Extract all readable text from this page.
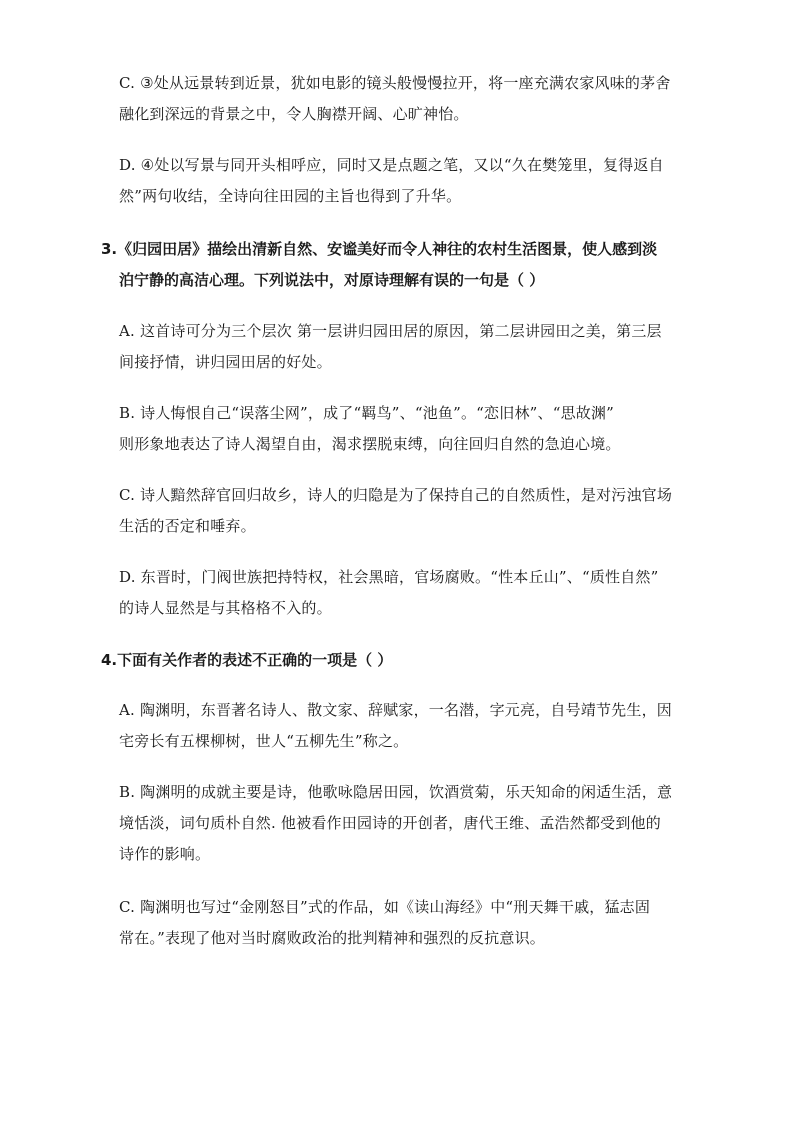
C. ③处从远景转到近景，犹如电影的镜头般慢慢拉开，将一座充满农家风味的茅舍
融化到深远的背景之中，令人胸襟开阔、心旷神怡。
D. ④处以写景与同开头相呼应，同时又是点题之笔，又以“久在樊笼里，复得返自
然”两句收结，全诗向往田园的主旨也得到了升华。
3.《归园田居》描绘出清新自然、安谧美好而令人神往的农村生活图景，使人感到淡
泊宁静的高洁心理。下列说法中，对原诗理解有误的一句是（ ）
A. 这首诗可分为三个层次 第一层讲归园田居的原因，第二层讲园田之美，第三层
间接抒情，讲归园田居的好处。
B. 诗人悔恨自己“误落尘网”，成了“羁鸟”、“池鱼”。“恋旧林”、“思故渊”
则形象地表达了诗人渴望自由，渴求摆脱束缚，向往回归自然的急迫心境。
C. 诗人黯然辞官回归故乡，诗人的归隐是为了保持自己的自然质性，是对污浊官场
生活的否定和唾弃。
D. 东晋时，门阀世族把持特权，社会黑暗，官场腐败。“性本丘山”、“质性自然”
的诗人显然是与其格格不入的。
4.下面有关作者的表述不正确的一项是（ ）
A. 陶渊明，东晋著名诗人、散文家、辞赋家，一名潜，字元亮，自号靖节先生，因
宅旁长有五棵柳树，世人“五柳先生”称之。
B. 陶渊明的成就主要是诗，他歌咏隐居田园，饮酒赏菊，乐天知命的闲适生活，意
境恬淡，词句质朴自然. 他被看作田园诗的开创者，唐代王维、孟浩然都受到他的
诗作的影响。
C. 陶渊明也写过“金刚怒目”式的作品，如《读山海经》中“刑天舞干戚，猛志固
常在。”表现了他对当时腐败政治的批判精神和强烈的反抗意识。
